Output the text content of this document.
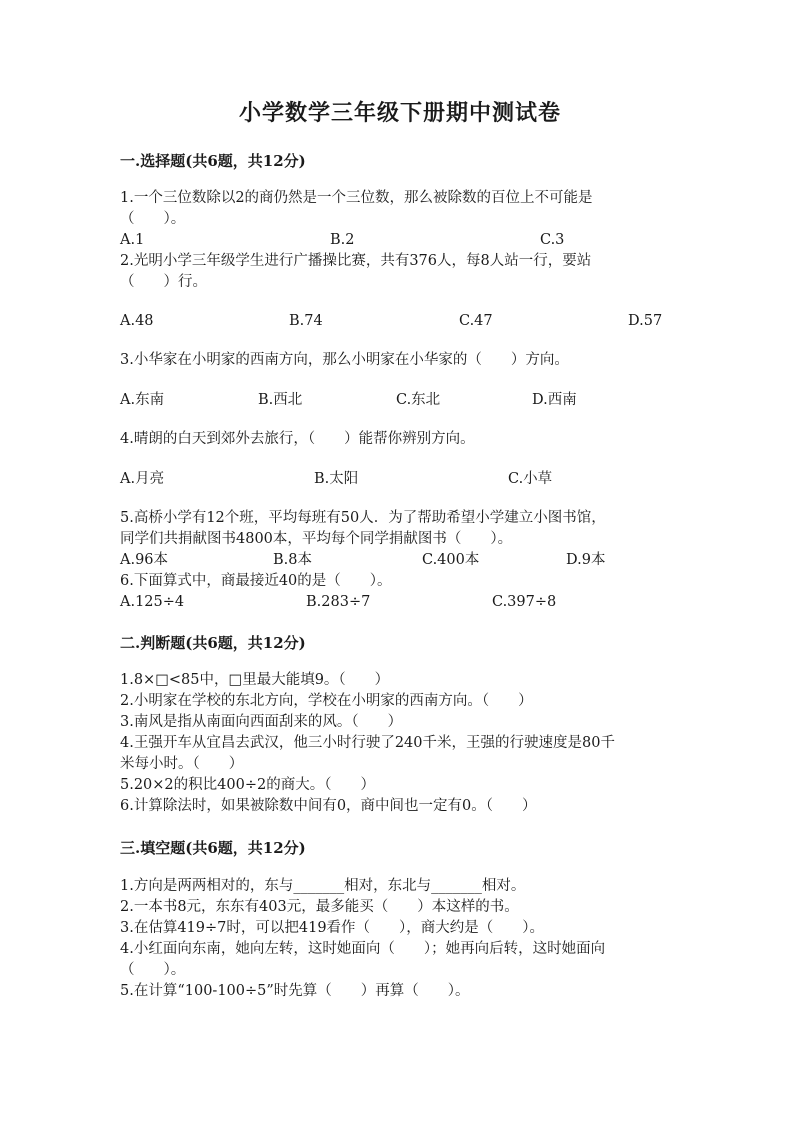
小学数学三年级下册期中测试卷
一.选择题(共6题，共12分)
1.一个三位数除以2的商仍然是一个三位数，那么被除数的百位上不可能是
（　　）。
A.1	B.2	C.3
2.光明小学三年级学生进行广播操比赛，共有376人，每8人站一行，要站
（　　）行。
A.48	B.74	C.47	D.57
3.小华家在小明家的西南方向，那么小明家在小华家的（　　）方向。
A.东南	B.西北	C.东北	D.西南
4.晴朗的白天到郊外去旅行，（　　）能帮你辨别方向。
A.月亮	B.太阳	C.小草
5.高桥小学有12个班，平均每班有50人．为了帮助希望小学建立小图书馆，
同学们共捐献图书4800本，平均每个同学捐献图书（　　）。
A.96本	B.8本	C.400本	D.9本
6.下面算式中，商最接近40的是（　　）。
A.125÷4	B.283÷7	C.397÷8
二.判断题(共6题，共12分)
1.8×□<85中，□里最大能填9。（　　）
2.小明家在学校的东北方向，学校在小明家的西南方向。（　　）
3.南风是指从南面向西面刮来的风。（　　）
4.王强开车从宜昌去武汉，他三小时行驶了240千米，王强的行驶速度是80千
米每小时。（　　）
5.20×2的积比400÷2的商大。（　　）
6.计算除法时，如果被除数中间有0，商中间也一定有0。（　　）
三.填空题(共6题，共12分)
1.方向是两两相对的，东与_______相对，东北与_______相对。
2.一本书8元，东东有403元，最多能买（　　）本这样的书。
3.在估算419÷7时，可以把419看作（　　），商大约是（　　）。
4.小红面向东南，她向左转，这时她面向（　　）；她再向后转，这时她面向
（　　）。
5.在计算“100-100÷5”时先算（　　）再算（　　）。
